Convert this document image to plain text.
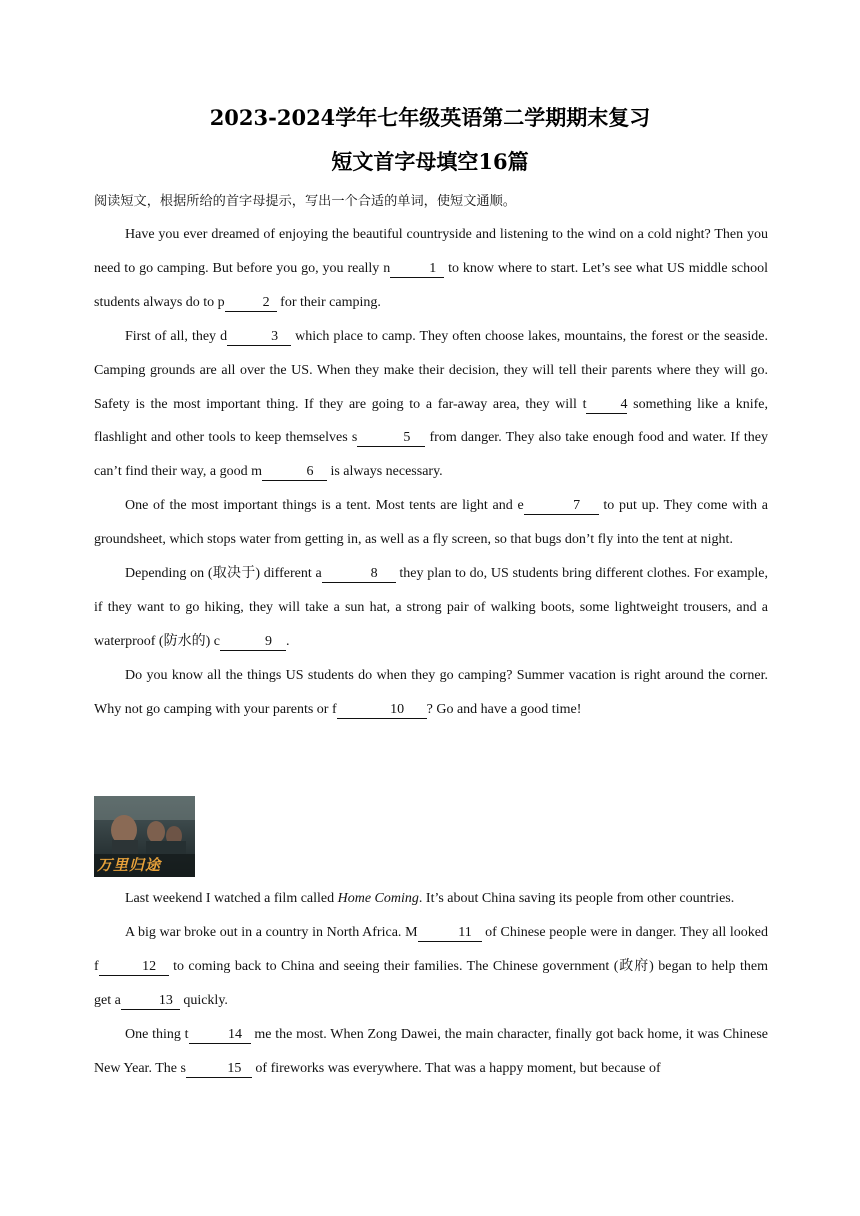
2023-2024学年七年级英语第二学期期末复习
短文首字母填空16篇
阅读短文，根据所给的首字母提示，写出一个合适的单词，使短文通顺。

Have you ever dreamed of enjoying the beautiful countryside and listening to the wind on a cold night? Then you need to go camping. But before you go, you really n	1 to know where to start. Let’s see what US middle school students always do to p	2 for their camping.

First of all, they d	3 which place to camp. They often choose lakes, mountains, the forest or the seaside. Camping grounds are all over the US. When they make their decision, they will tell their parents where they will go. Safety is the most important thing. If they are going to a far-away area, they will t 4 something like a knife, flashlight and other tools to keep themselves s	5 from danger. They also take enough food and water. If they can’t find their way, a good m	6 is always necessary.

One of the most important things is a tent. Most tents are light and e	7 to put up. They come with a groundsheet, which stops water from getting in, as well as a fly screen, so that bugs don’t fly into the tent at night.

Depending on (取决于) different a	8 they plan to do, US students bring different clothes. For example, if they want to go hiking, they will take a sun hat, a strong pair of walking boots, some lightweight trousers, and a waterproof (防水的) c	9 .

Do you know all the things US students do when they go camping? Summer vacation is right around the corner. Why not go camping with your parents or f	10 ? Go and have a good time!

万里归途

Last weekend I watched a film called Home Coming. It’s about China saving its people from other countries.

A big war broke out in a country in North Africa. M	11 of Chinese people were in danger. They all looked f	12 to coming back to China and seeing their families. The Chinese government (政府) began to help them get a	13 quickly.

One thing t	14 me the most. When Zong Dawei, the main character, finally got back home, it was Chinese New Year. The s	15 of fireworks was everywhere. That was a happy moment, but because of
